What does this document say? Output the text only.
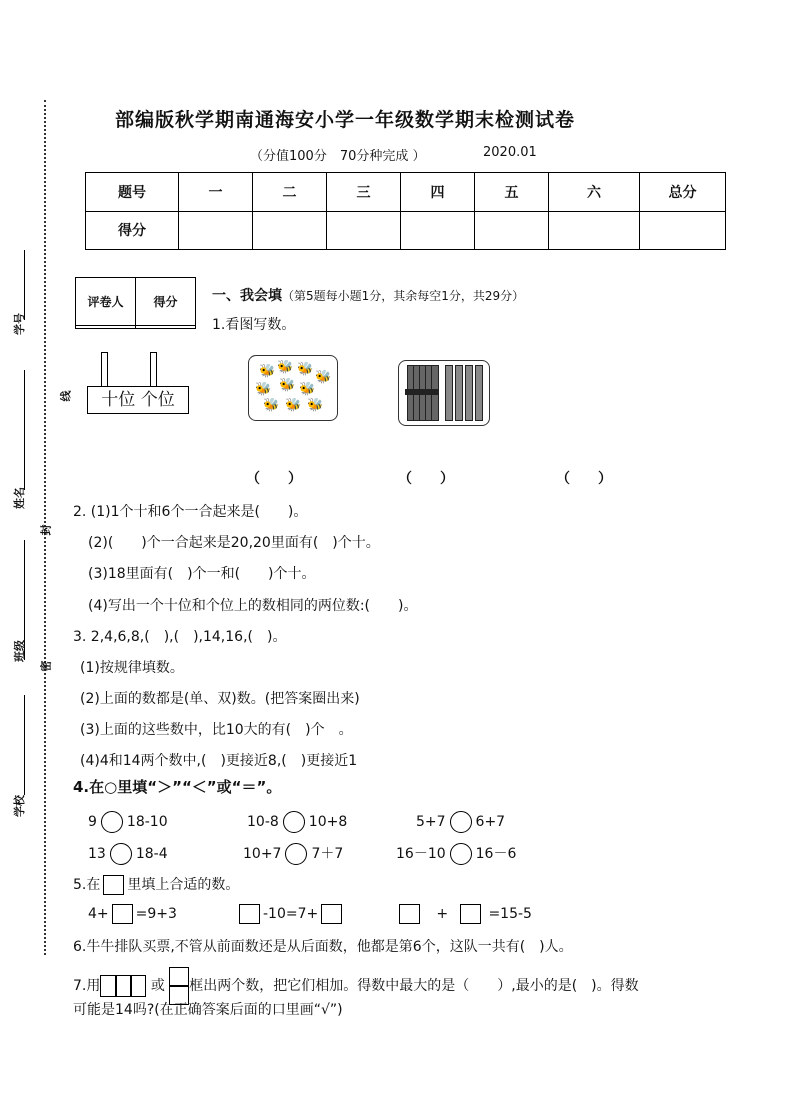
学号
姓名
班级
学校
线
封
密
部编版秋学期南通海安小学一年级数学期末检测试卷
（分值100分　70分种完成 ）	2020.01
题号	一	二	三	四	五	六	总分
得分							
评卷人	得分
	一、我会填（第5题每小题1分，其余每空1分，共29分）
1.看图写数。
十位 个位
🐝 🐝 🐝
🐝
🐝 🐝 🐝
🐝 🐝 🐝
（　　）	（　　）	（　　）
2. (1)1个十和6个一合起来是(　　)。
(2)(　　)个一合起来是20,20里面有(　)个十。
(3)18里面有(　)个一和(　　)个十。
(4)写出一个十位和个位上的数相同的两位数:(　　)。
3. 2,4,6,8,(　),(　),14,16,(　)。
(1)按规律填数。
(2)上面的数都是(单、双)数。(把答案圈出来)
(3)上面的这些数中，比10大的有(　)个　。
(4)4和14两个数中,(　)更接近8,(　)更接近1
4.在○里填“＞”“＜”或“＝”。
9 18-10	10-8 10+8	5+7 6+7
13 18-4	10+7 7＋7	16－10 16－6
5.在 里填上合适的数。
4+ =9+3	-10=7+	+	=15-5
6.牛牛排队买票,不管从前面数还是从后面数，他都是第6个，这队一共有(　)人。
7.用	或 框出两个数，把它们相加。得数中最大的是（　　）,最小的是(　)。得数
可能是14吗?(在正确答案后面的口里画“√”)
